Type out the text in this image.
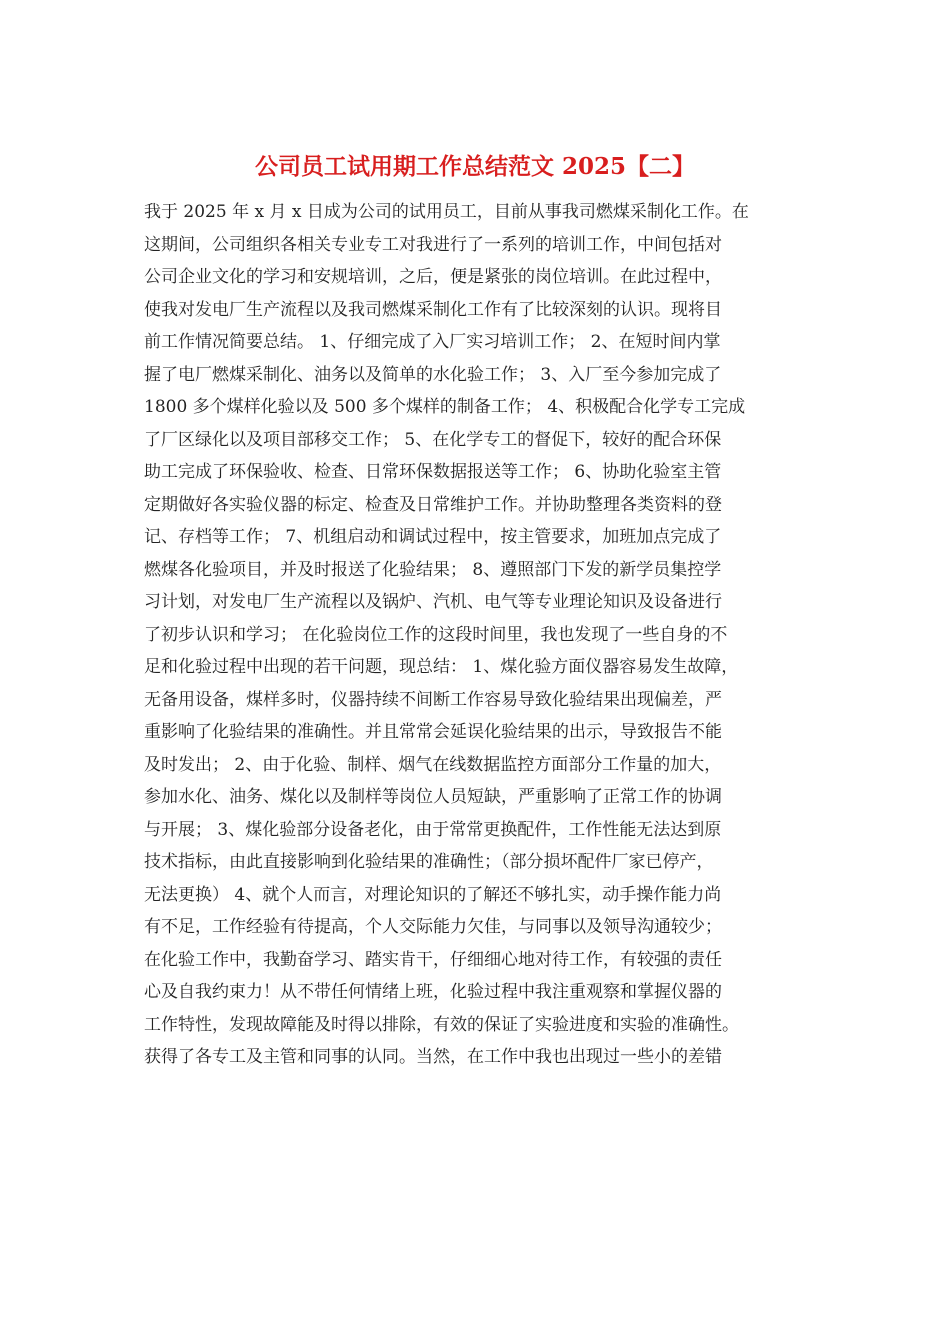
公司员工试用期工作总结范文 2025【二】
我于 2025 年 x 月 x 日成为公司的试用员工，目前从事我司燃煤采制化工作。在
这期间，公司组织各相关专业专工对我进行了一系列的培训工作，中间包括对
公司企业文化的学习和安规培训，之后，便是紧张的岗位培训。在此过程中，
使我对发电厂生产流程以及我司燃煤采制化工作有了比较深刻的认识。现将目
前工作情况简要总结。 1、仔细完成了入厂实习培训工作； 2、在短时间内掌
握了电厂燃煤采制化、油务以及简单的水化验工作； 3、入厂至今参加完成了
1800 多个煤样化验以及 500 多个煤样的制备工作； 4、积极配合化学专工完成
了厂区绿化以及项目部移交工作； 5、在化学专工的督促下，较好的配合环保
助工完成了环保验收、检查、日常环保数据报送等工作； 6、协助化验室主管
定期做好各实验仪器的标定、检查及日常维护工作。并协助整理各类资料的登
记、存档等工作； 7、机组启动和调试过程中，按主管要求，加班加点完成了
燃煤各化验项目，并及时报送了化验结果； 8、遵照部门下发的新学员集控学
习计划，对发电厂生产流程以及锅炉、汽机、电气等专业理论知识及设备进行
了初步认识和学习； 在化验岗位工作的这段时间里，我也发现了一些自身的不
足和化验过程中出现的若干问题，现总结： 1、煤化验方面仪器容易发生故障，
无备用设备，煤样多时，仪器持续不间断工作容易导致化验结果出现偏差，严
重影响了化验结果的准确性。并且常常会延误化验结果的出示，导致报告不能
及时发出； 2、由于化验、制样、烟气在线数据监控方面部分工作量的加大，
参加水化、油务、煤化以及制样等岗位人员短缺，严重影响了正常工作的协调
与开展； 3、煤化验部分设备老化，由于常常更换配件，工作性能无法达到原
技术指标，由此直接影响到化验结果的准确性；（部分损坏配件厂家已停产，
无法更换） 4、就个人而言，对理论知识的了解还不够扎实，动手操作能力尚
有不足，工作经验有待提高，个人交际能力欠佳，与同事以及领导沟通较少；
在化验工作中，我勤奋学习、踏实肯干，仔细细心地对待工作，有较强的责任
心及自我约束力！从不带任何情绪上班，化验过程中我注重观察和掌握仪器的
工作特性，发现故障能及时得以排除，有效的保证了实验进度和实验的准确性。
获得了各专工及主管和同事的认同。当然，在工作中我也出现过一些小的差错
